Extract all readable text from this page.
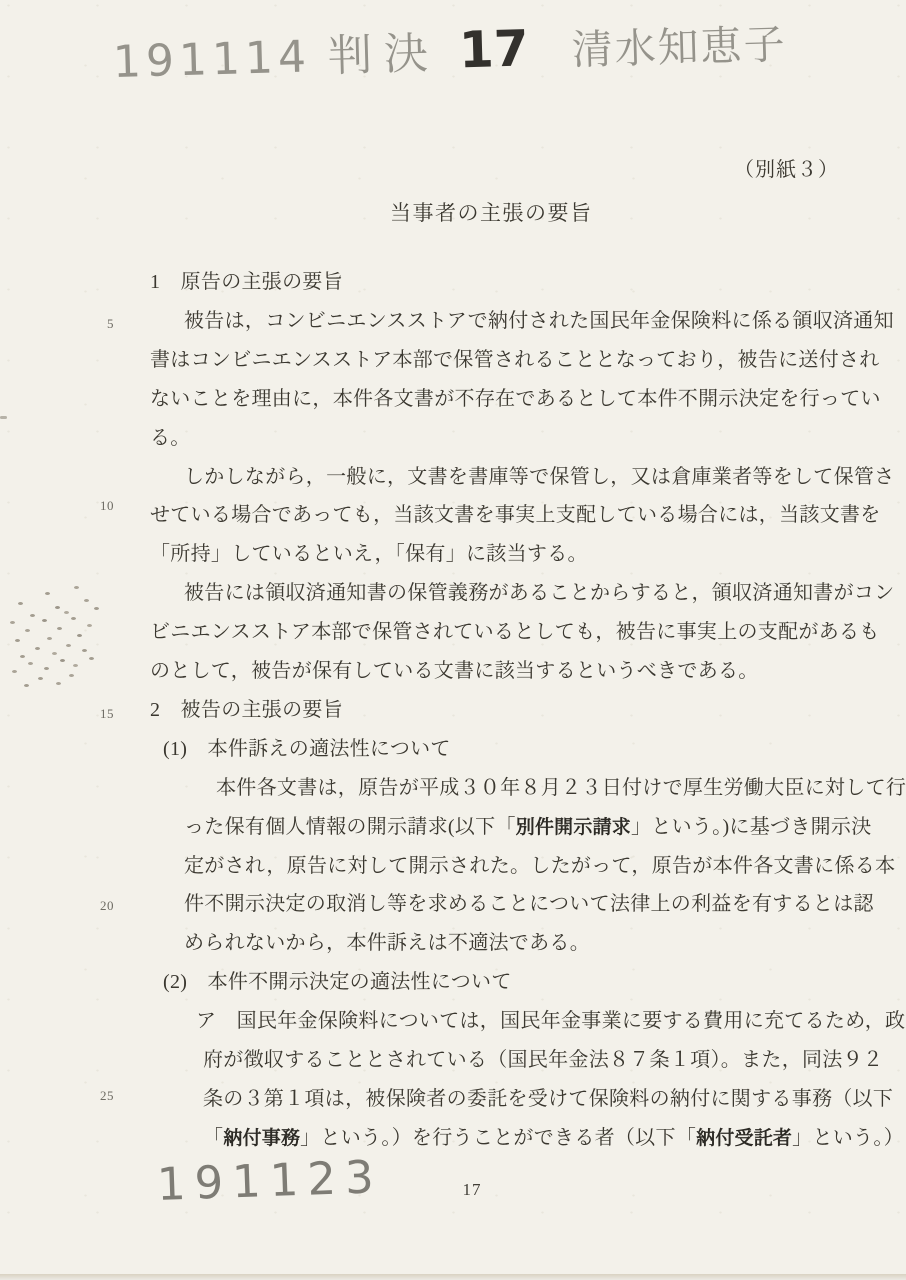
191114 判決 17 清水知恵子
（別紙３）
当事者の主張の要旨
5
10
15
20
25
1　原告の主張の要旨
被告は，コンビニエンスストアで納付された国民年金保険料に係る領収済通知
書はコンビニエンスストア本部で保管されることとなっており，被告に送付され
ないことを理由に，本件各文書が不存在であるとして本件不開示決定を行ってい
る。
しかしながら，一般に，文書を書庫等で保管し，又は倉庫業者等をして保管さ
せている場合であっても，当該文書を事実上支配している場合には，当該文書を
「所持」しているといえ，「保有」に該当する。
被告には領収済通知書の保管義務があることからすると，領収済通知書がコン
ビニエンスストア本部で保管されているとしても，被告に事実上の支配があるも
のとして，被告が保有している文書に該当するというべきである。
2　被告の主張の要旨
(1)　本件訴えの適法性について
本件各文書は，原告が平成３０年８月２３日付けで厚生労働大臣に対して行
った保有個人情報の開示請求(以下「別件開示請求」という。)に基づき開示決
定がされ，原告に対して開示された。したがって，原告が本件各文書に係る本
件不開示決定の取消し等を求めることについて法律上の利益を有するとは認
められないから，本件訴えは不適法である。
(2)　本件不開示決定の適法性について
ア　国民年金保険料については，国民年金事業に要する費用に充てるため，政
府が徴収することとされている（国民年金法８７条１項）。また，同法９２
条の３第１項は，被保険者の委託を受けて保険料の納付に関する事務（以下
「納付事務」という。）を行うことができる者（以下「納付受託者」という。）
17
191123
